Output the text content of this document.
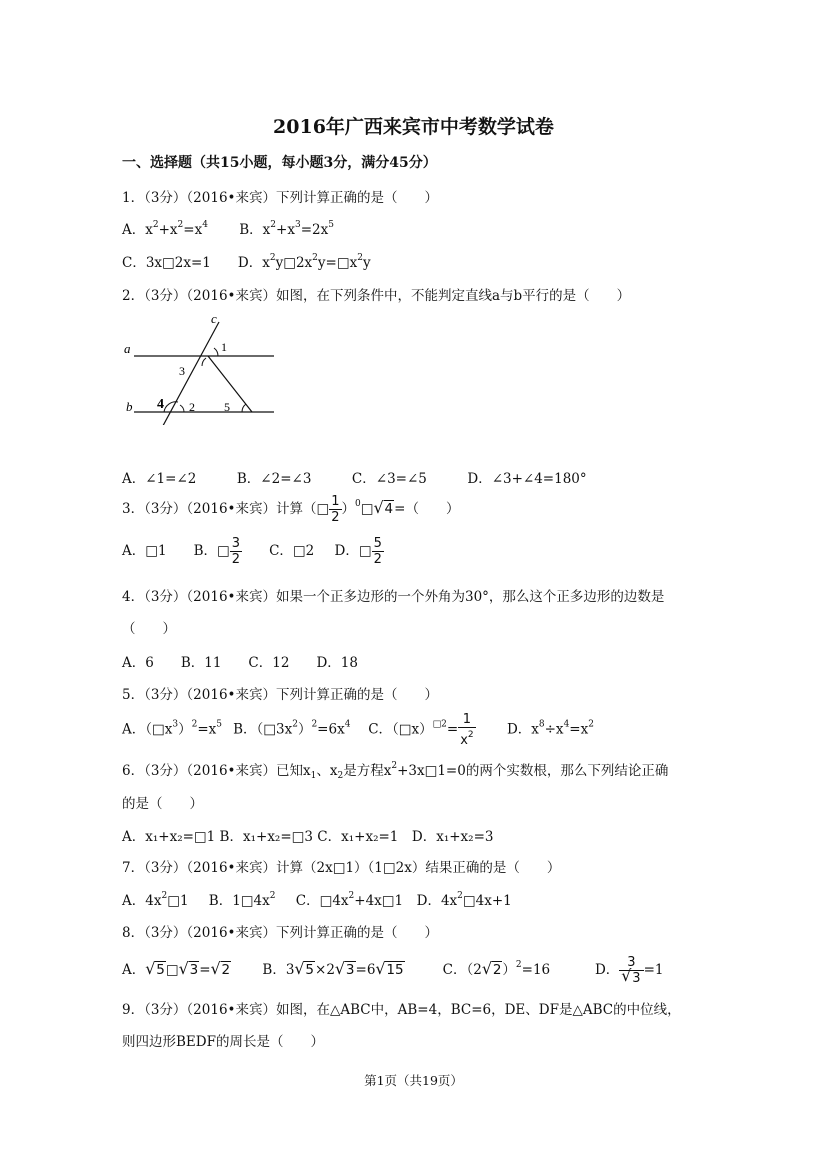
2016年广西来宾市中考数学试卷
一、选择题（共15小题，每小题3分，满分45分）
1．（3分）（2016•来宾）下列计算正确的是（　　）
A．$x^2+x^2=x^4$    B．$x^2+x^3=2x^5$
C．3x□2x=1   D．$x^2y□2x^2y=□x^2y$
2．（3分）（2016•来宾）如图，在下列条件中，不能判定直线a与b平行的是（　　）
c
a
b
1
3
4 2 5
A．∠1=∠2   	B．∠2=∠3   	C．∠3=∠5   	D．∠3+∠4=180°
3．（3分）（2016•来宾）计算（□ $\frac{1}{2}$ ）$^0$□ √ 4=（　　）
A．□1   B．□ $\frac{3}{2}$
   C．□2   D．□ $\frac{5}{2}$
4．（3分）（2016•来宾）如果一个正多边形的一个外角为30°，那么这个正多边形的边数是
（　　）
A．6　　B．11　　C．12　　D．18
5．（3分）（2016•来宾）下列计算正确的是（　　）
A．$(□x^3)^2=x^5$   B．$(□3x^2)^2=6x^4$   C．（□x）$^{□2}$= $\frac{1}{x^2}$
   D．$x^8\div x^4=x^2$
6．（3分）（2016•来宾）已知$x_1$、$x_2$是方程$x^2+3x□1=0$的两个实数根，那么下列结论正确
的是（　　）
A．x₁+x₂=□1 B．x₁+x₂=□3 C．x₁+x₂=1　D．x₁+x₂=3
7．（3分）（2016•来宾）计算（2x□1）（1□2x）结果正确的是（　　）
A．$4x^2□1$   B．$1□4x^2$   C．$□4x^2+4x□1$  D．$4x^2□4x+1$
8．（3分）（2016•来宾）下列计算正确的是（　　）
A． √ 5□ √ 3= √ 2    B．3 √ 5×2 √ 3=6 √ 15    	C．（2 √ 2）$^2$=16    	D． $\frac{3}{√ 3} =1$
9．（3分）（2016•来宾）如图，在△ABC中，AB=4，BC=6，DE、DF是△ABC的中位线，
则四边形BEDF的周长是（　　）
第1页（共19页）
